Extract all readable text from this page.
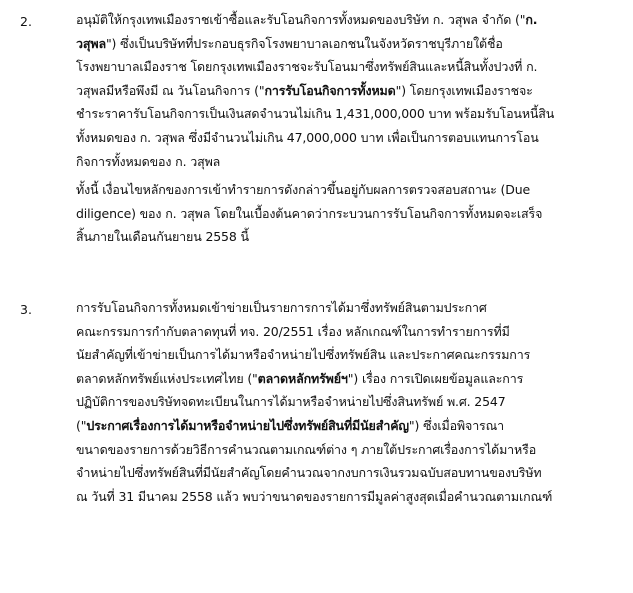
2.	อนุมัติให้กรุงเทพเมืองราชเข้าซื้อและรับโอนกิจการทั้งหมดของบริษัท ก. วสุพล จำกัด ("ก.
วสุพล") ซึ่งเป็นบริษัทที่ประกอบธุรกิจโรงพยาบาลเอกชนในจังหวัดราชบุรีภายใต้ชื่อ
โรงพยาบาลเมืองราช โดยกรุงเทพเมืองราชจะรับโอนมาซึ่งทรัพย์สินและหนี้สินทั้งปวงที่ ก.
วสุพลมีหรือพึงมี ณ วันโอนกิจการ ("การรับโอนกิจการทั้งหมด") โดยกรุงเทพเมืองราชจะ
ชำระราคารับโอนกิจการเป็นเงินสดจำนวนไม่เกิน 1,431,000,000 บาท พร้อมรับโอนหนี้สิน
ทั้งหมดของ ก. วสุพล ซึ่งมีจำนวนไม่เกิน 47,000,000 บาท เพื่อเป็นการตอบแทนการโอน
กิจการทั้งหมดของ ก. วสุพล
ทั้งนี้ เงื่อนไขหลักของการเข้าทำรายการดังกล่าวขึ้นอยู่กับผลการตรวจสอบสถานะ (Due
diligence) ของ ก. วสุพล โดยในเบื้องต้นคาดว่ากระบวนการรับโอนกิจการทั้งหมดจะเสร็จ
สิ้นภายในเดือนกันยายน 2558 นี้
3.	การรับโอนกิจการทั้งหมดเข้าข่ายเป็นรายการการได้มาซึ่งทรัพย์สินตามประกาศ
คณะกรรมการกำกับตลาดทุนที่ ทจ. 20/2551 เรื่อง หลักเกณฑ์ในการทำรายการที่มี
นัยสำคัญที่เข้าข่ายเป็นการได้มาหรือจำหน่ายไปซึ่งทรัพย์สิน และประกาศคณะกรรมการ
ตลาดหลักทรัพย์แห่งประเทศไทย ("ตลาดหลักทรัพย์ฯ") เรื่อง การเปิดเผยข้อมูลและการ
ปฏิบัติการของบริษัทจดทะเบียนในการได้มาหรือจำหน่ายไปซึ่งสินทรัพย์ พ.ศ. 2547
("ประกาศเรื่องการได้มาหรือจำหน่ายไปซึ่งทรัพย์สินที่มีนัยสำคัญ") ซึ่งเมื่อพิจารณา
ขนาดของรายการด้วยวิธีการคำนวณตามเกณฑ์ต่าง ๆ ภายใต้ประกาศเรื่องการได้มาหรือ
จำหน่ายไปซึ่งทรัพย์สินที่มีนัยสำคัญโดยคำนวณจากงบการเงินรวมฉบับสอบทานของบริษัท
ณ วันที่ 31 มีนาคม 2558 แล้ว พบว่าขนาดของรายการมีมูลค่าสูงสุดเมื่อคำนวณตามเกณฑ์
